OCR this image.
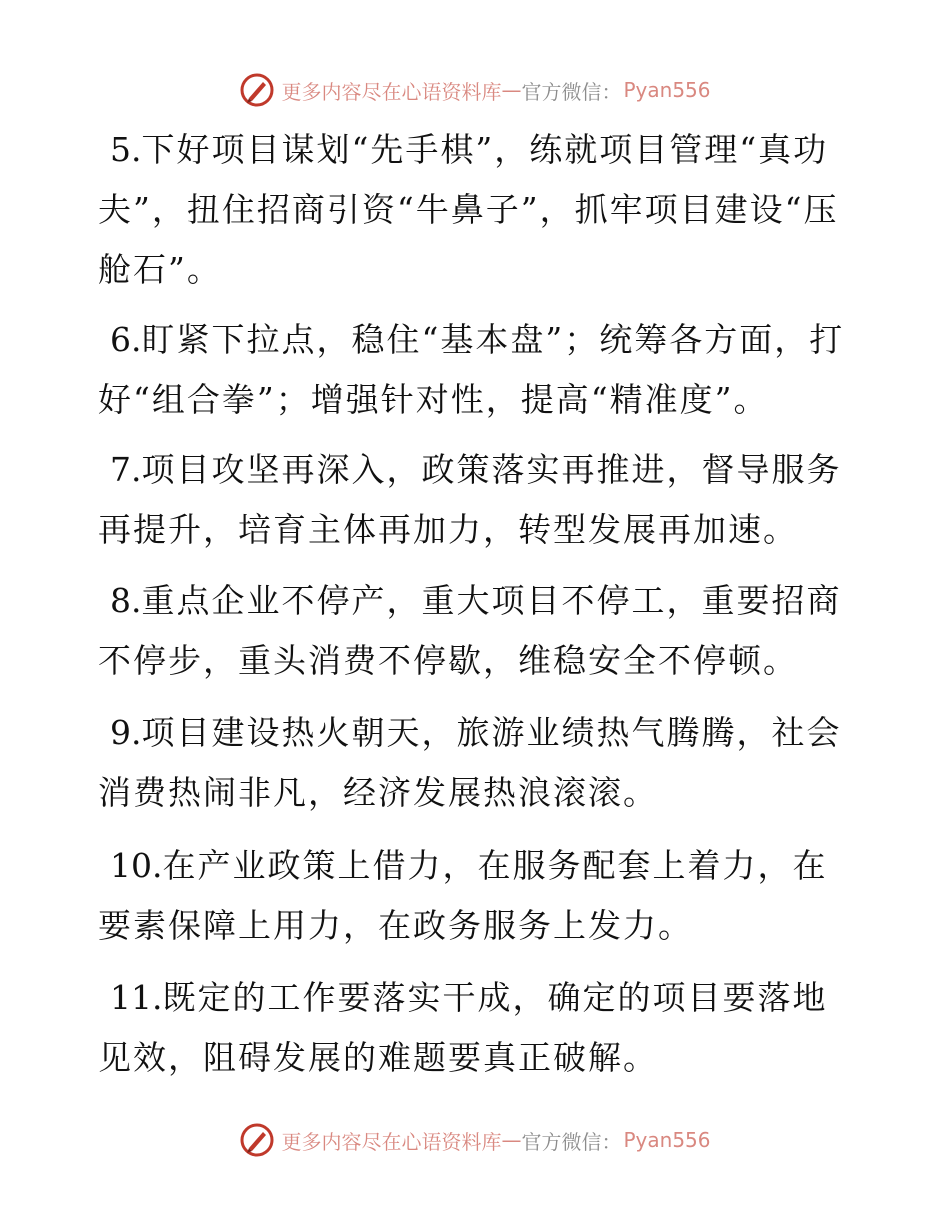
更多内容尽在心语资料库 — 官方微信： Pyan556

5.下好项目谋划“先手棋”，练就项目管理“真功夫”，扭住招商引资“牛鼻子”，抓牢项目建设“压舱石”。

6.盯紧下拉点，稳住“基本盘”；统筹各方面，打好“组合拳”；增强针对性，提高“精准度”。

7.项目攻坚再深入，政策落实再推进，督导服务再提升，培育主体再加力，转型发展再加速。

8.重点企业不停产，重大项目不停工，重要招商不停步，重头消费不停歇，维稳安全不停顿。

9.项目建设热火朝天，旅游业绩热气腾腾，社会消费热闹非凡，经济发展热浪滚滚。

10.在产业政策上借力，在服务配套上着力，在要素保障上用力，在政务服务上发力。

11.既定的工作要落实干成，确定的项目要落地见效，阻碍发展的难题要真正破解。

更多内容尽在心语资料库 — 官方微信： Pyan556
